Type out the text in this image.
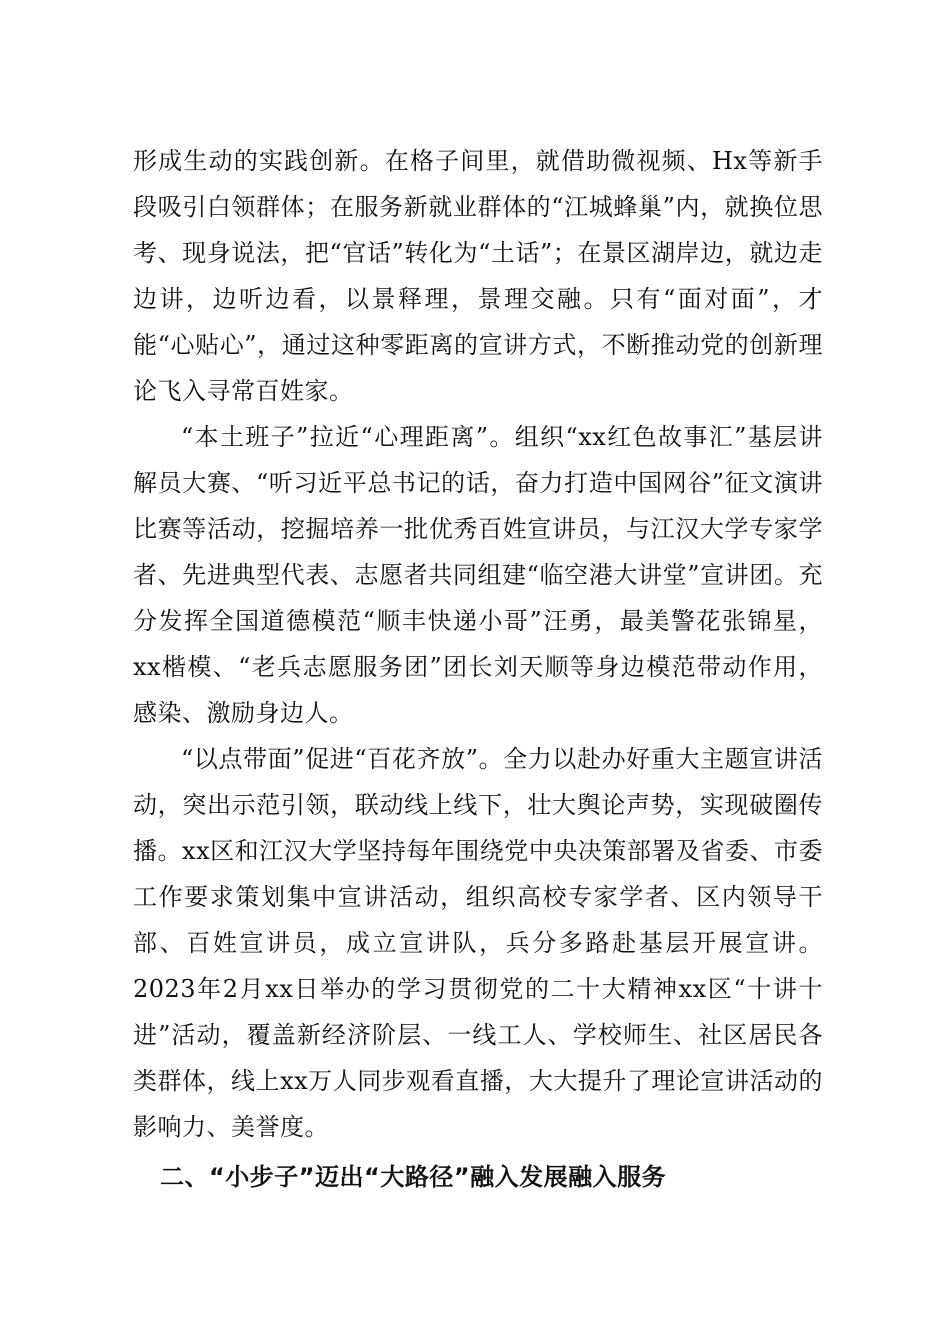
形成生动的实践创新。在格子间里，就借助微视频、Hx等新手段吸引白领群体；在服务新就业群体的“江城蜂巢”内，就换位思考、现身说法，把“官话”转化为“土话”；在景区湖岸边，就边走边讲，边听边看，以景释理，景理交融。只有“面对面”，才能“心贴心”，通过这种零距离的宣讲方式，不断推动党的创新理论飞入寻常百姓家。

“本土班子”拉近“心理距离”。组织“xx红色故事汇”基层讲解员大赛、“听习近平总书记的话，奋力打造中国网谷”征文演讲比赛等活动，挖掘培养一批优秀百姓宣讲员，与江汉大学专家学者、先进典型代表、志愿者共同组建“临空港大讲堂”宣讲团。充分发挥全国道德模范“顺丰快递小哥”汪勇，最美警花张锦星，xx楷模、“老兵志愿服务团”团长刘天顺等身边模范带动作用，感染、激励身边人。

“以点带面”促进“百花齐放”。全力以赴办好重大主题宣讲活动，突出示范引领，联动线上线下，壮大舆论声势，实现破圈传播。xx区和江汉大学坚持每年围绕党中央决策部署及省委、市委工作要求策划集中宣讲活动，组织高校专家学者、区内领导干部、百姓宣讲员，成立宣讲队，兵分多路赴基层开展宣讲。2023年2月xx日举办的学习贯彻党的二十大精神xx区“十讲十进”活动，覆盖新经济阶层、一线工人、学校师生、社区居民各类群体，线上xx万人同步观看直播，大大提升了理论宣讲活动的影响力、美誉度。

二、“小步子”迈出“大路径”融入发展融入服务
